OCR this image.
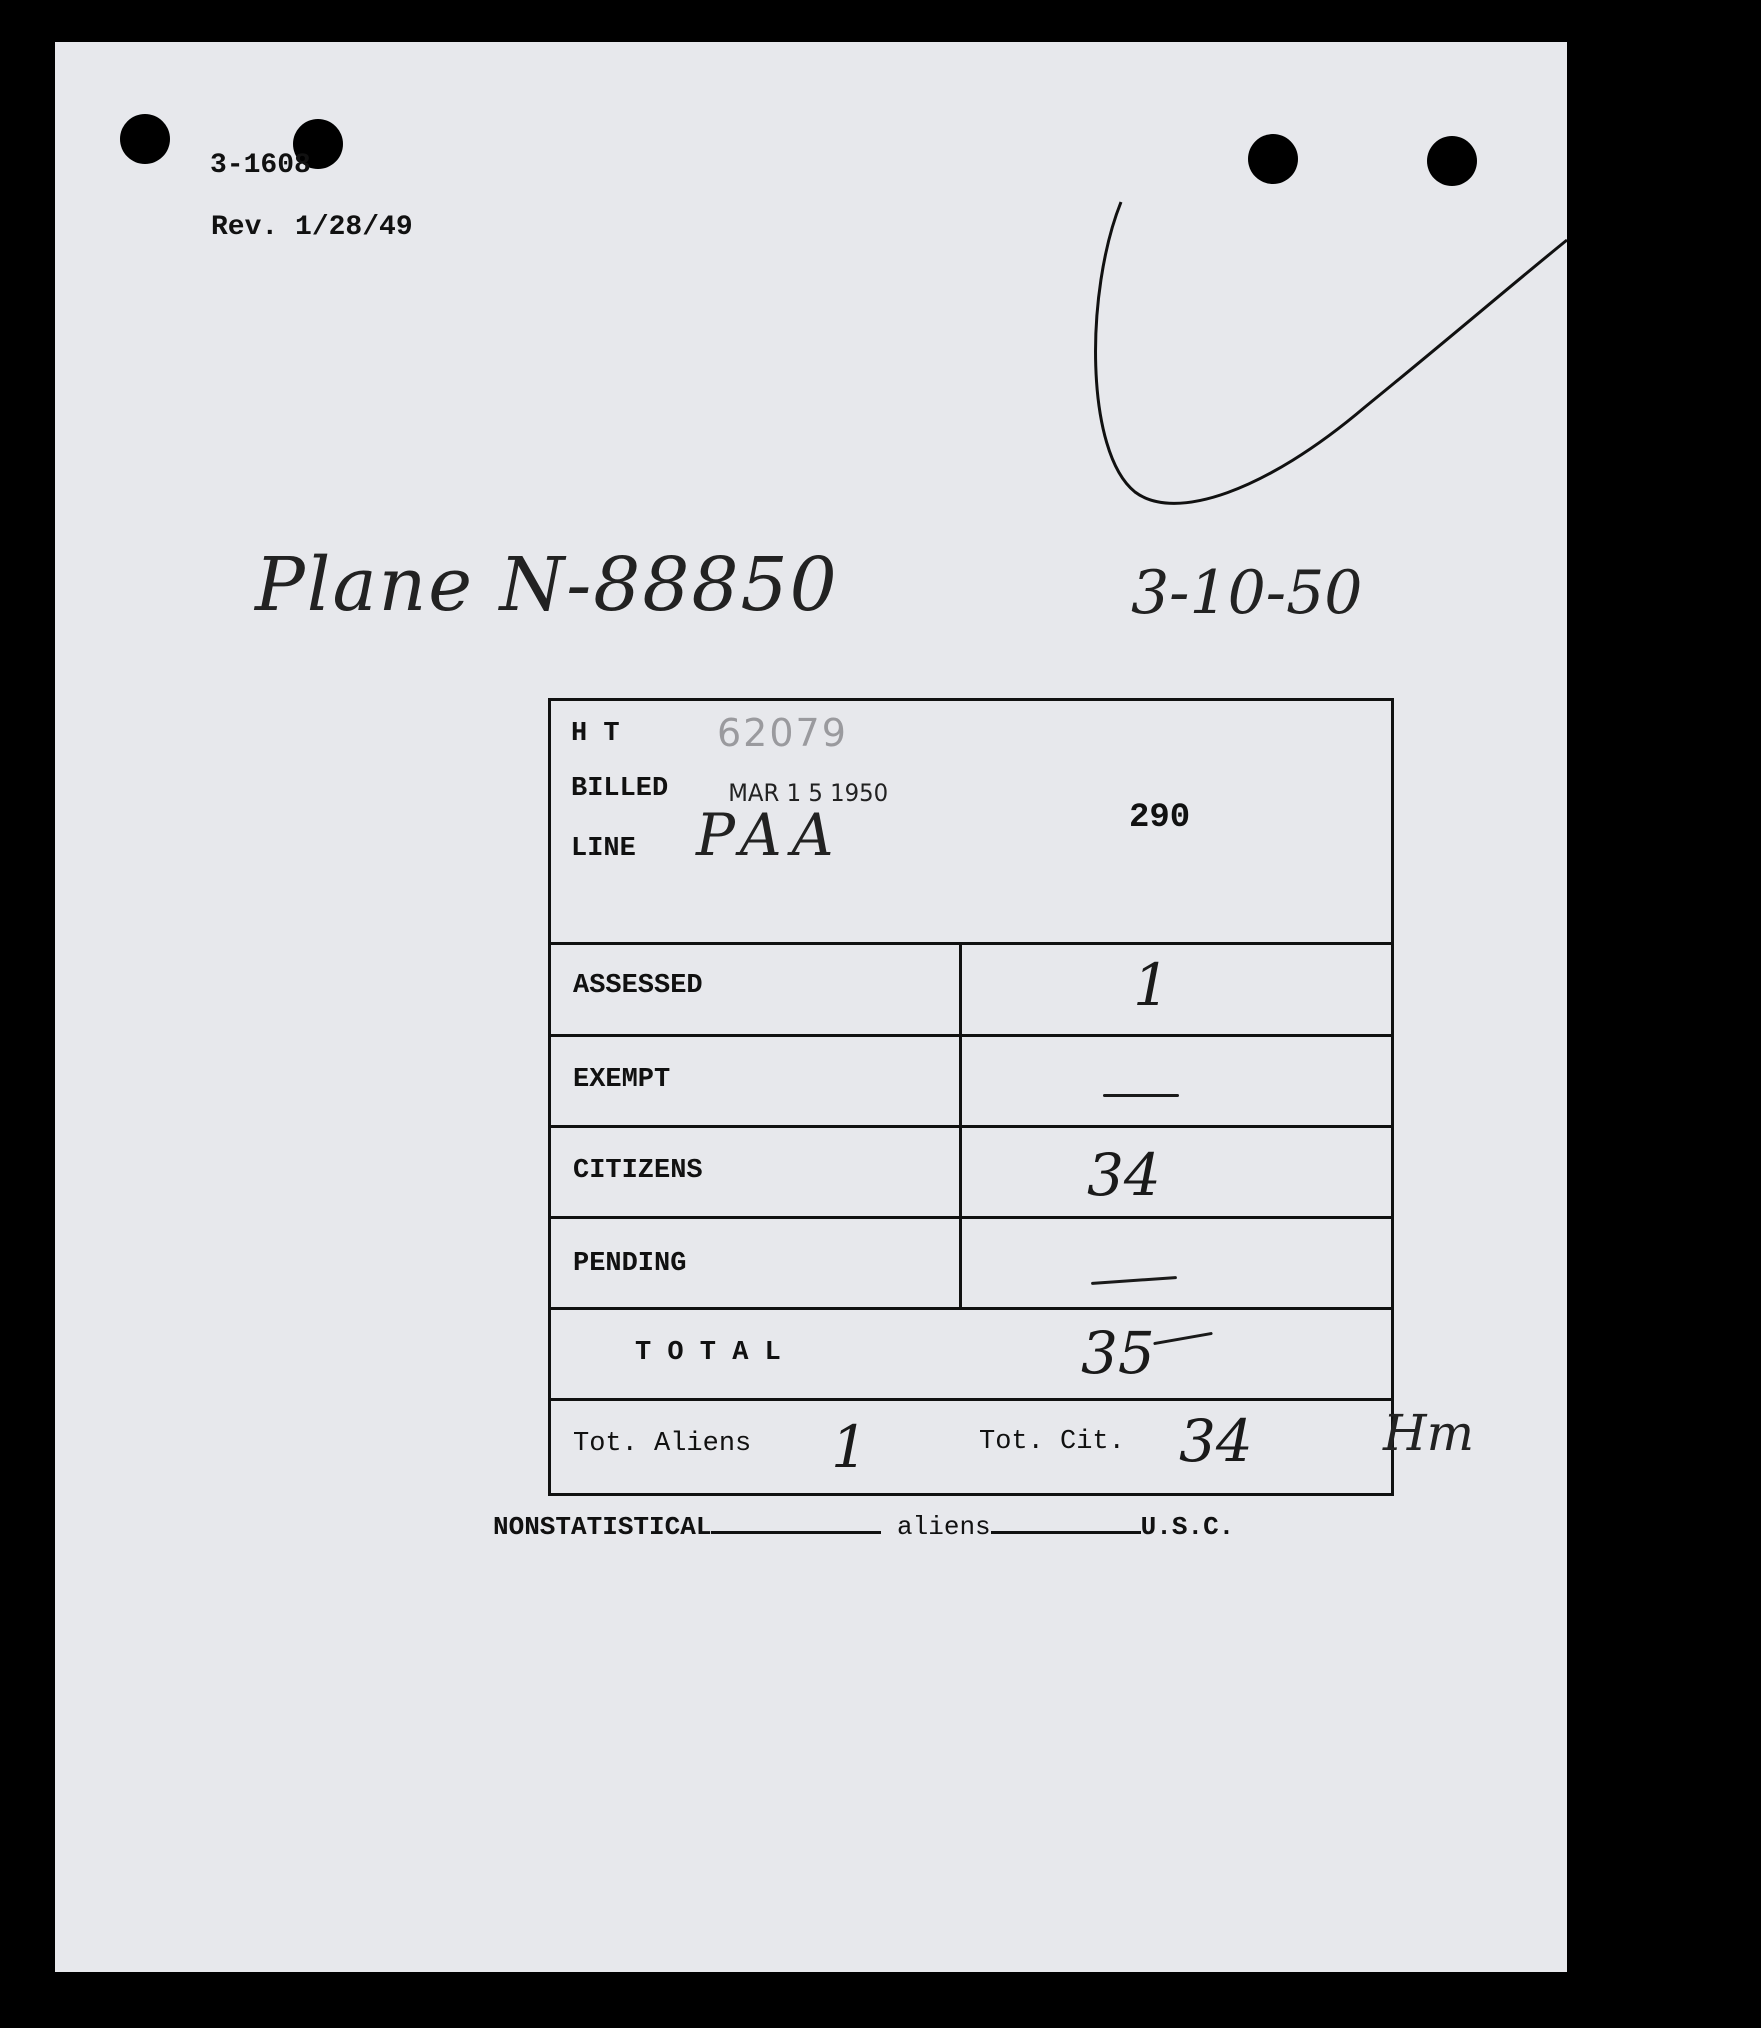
3-1608
Rev. 1/28/49
Plane N-88850	3-10-50
H T	62079
BILLED MAR 1 5 1950
LINE PAA	290
ASSESSED	1
EXEMPT
CITIZENS	34
PENDING
T O T A L	35
Tot. Aliens 1	Tot. Cit. 34	Hm
NONSTATISTICAL	aliens	U.S.C.
